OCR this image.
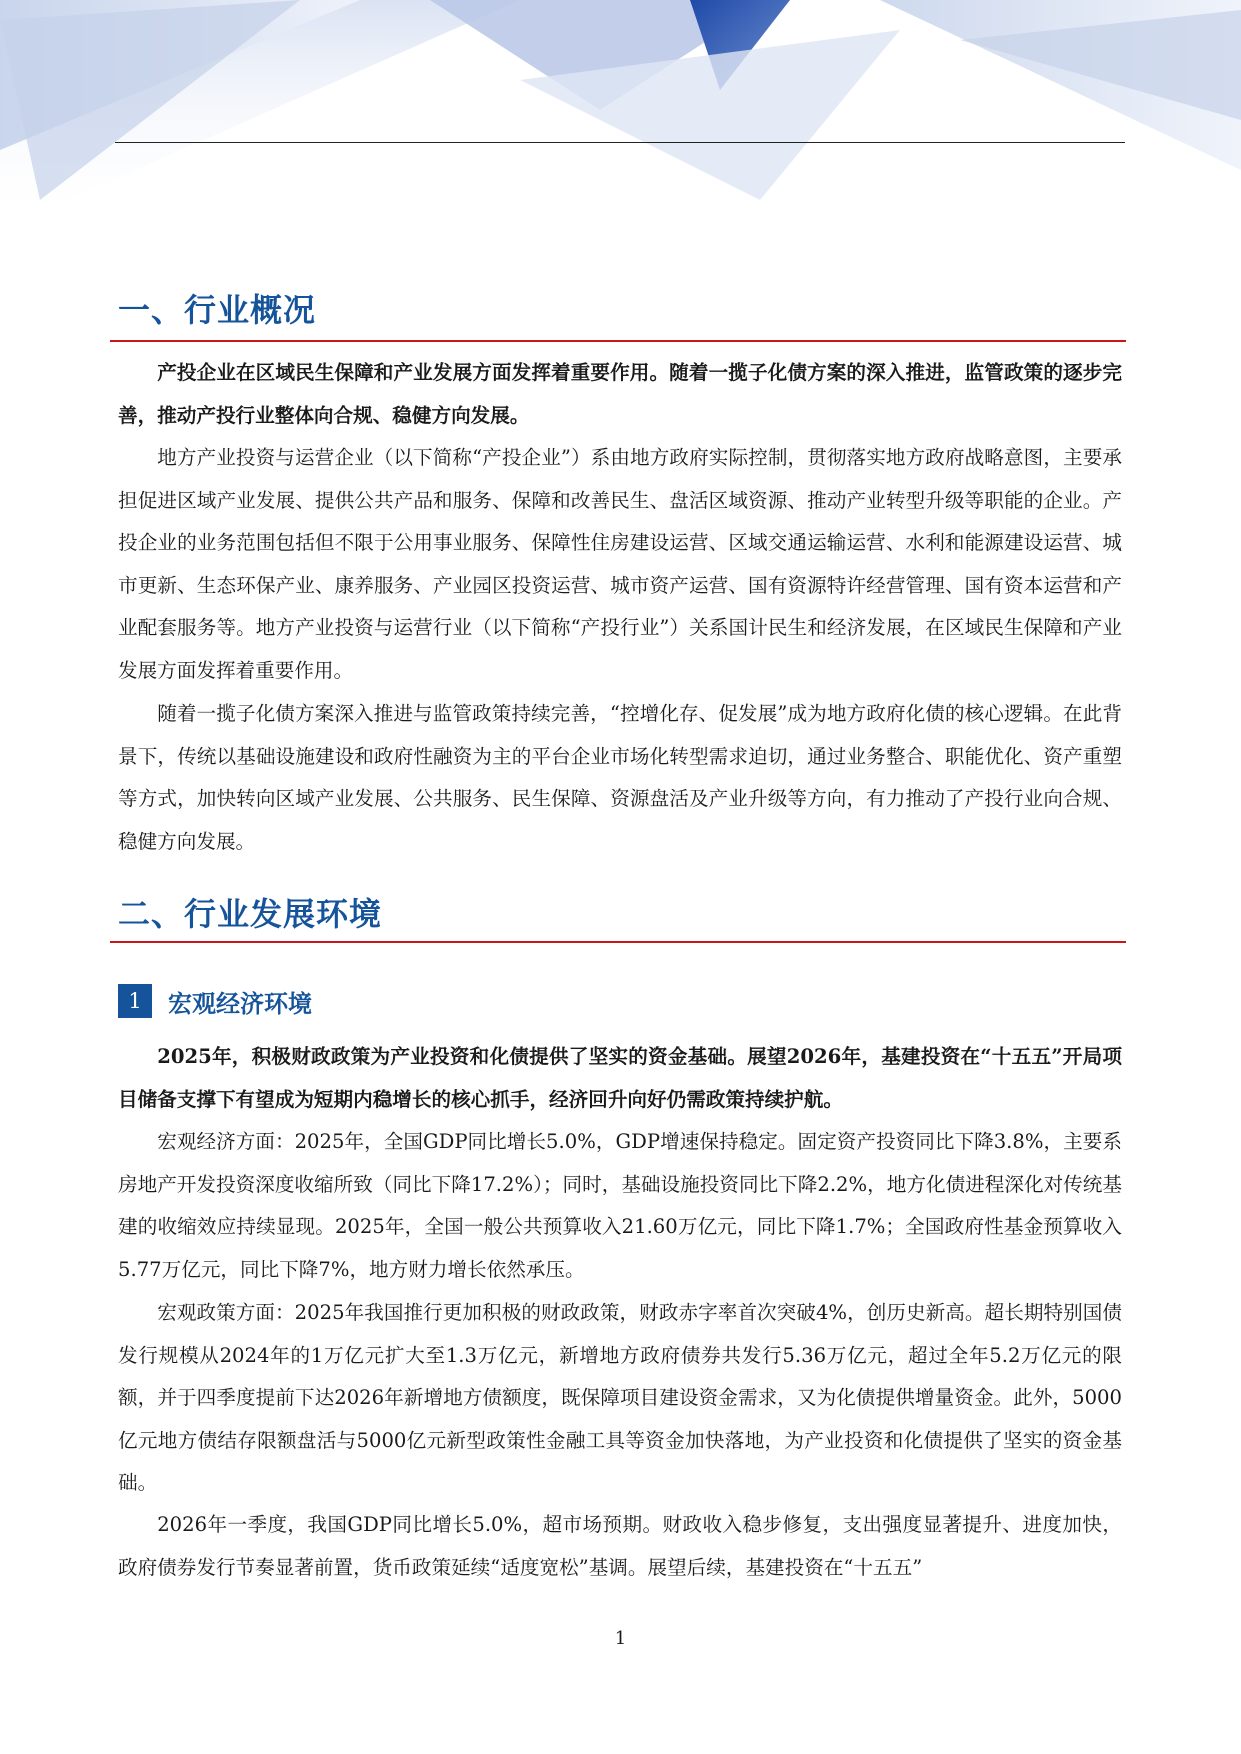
一、行业概况

产投企业在区域民生保障和产业发展方面发挥着重要作用。随着一揽子化债方案的深入推进，监管政策的逐步完善，推动产投行业整体向合规、稳健方向发展。

地方产业投资与运营企业（以下简称“产投企业”）系由地方政府实际控制，贯彻落实地方政府战略意图，主要承担促进区域产业发展、提供公共产品和服务、保障和改善民生、盘活区域资源、推动产业转型升级等职能的企业。产投企业的业务范围包括但不限于公用事业服务、保障性住房建设运营、区域交通运输运营、水利和能源建设运营、城市更新、生态环保产业、康养服务、产业园区投资运营、城市资产运营、国有资源特许经营管理、国有资本运营和产业配套服务等。地方产业投资与运营行业（以下简称“产投行业”）关系国计民生和经济发展，在区域民生保障和产业发展方面发挥着重要作用。

随着一揽子化债方案深入推进与监管政策持续完善，“控增化存、促发展”成为地方政府化债的核心逻辑。在此背景下，传统以基础设施建设和政府性融资为主的平台企业市场化转型需求迫切，通过业务整合、职能优化、资产重塑等方式，加快转向区域产业发展、公共服务、民生保障、资源盘活及产业升级等方向，有力推动了产投行业向合规、稳健方向发展。

二、行业发展环境
1	宏观经济环境

2025年，积极财政政策为产业投资和化债提供了坚实的资金基础。展望2026年，基建投资在“十五五”开局项目储备支撑下有望成为短期内稳增长的核心抓手，经济回升向好仍需政策持续护航。

宏观经济方面：2025年，全国GDP同比增长5.0%，GDP增速保持稳定。固定资产投资同比下降3.8%，主要系房地产开发投资深度收缩所致（同比下降17.2%）；同时，基础设施投资同比下降2.2%，地方化债进程深化对传统基建的收缩效应持续显现。2025年，全国一般公共预算收入21.60万亿元，同比下降1.7%；全国政府性基金预算收入5.77万亿元，同比下降7%，地方财力增长依然承压。

宏观政策方面：2025年我国推行更加积极的财政政策，财政赤字率首次突破4%，创历史新高。超长期特别国债发行规模从2024年的1万亿元扩大至1.3万亿元，新增地方政府债券共发行5.36万亿元，超过全年5.2万亿元的限额，并于四季度提前下达2026年新增地方债额度，既保障项目建设资金需求，又为化债提供增量资金。此外，5000亿元地方债结存限额盘活与5000亿元新型政策性金融工具等资金加快落地，为产业投资和化债提供了坚实的资金基础。

2026年一季度，我国GDP同比增长5.0%，超市场预期。财政收入稳步修复，支出强度显著提升、进度加快，政府债券发行节奏显著前置，货币政策延续“适度宽松”基调。展望后续，基建投资在“十五五”

1
